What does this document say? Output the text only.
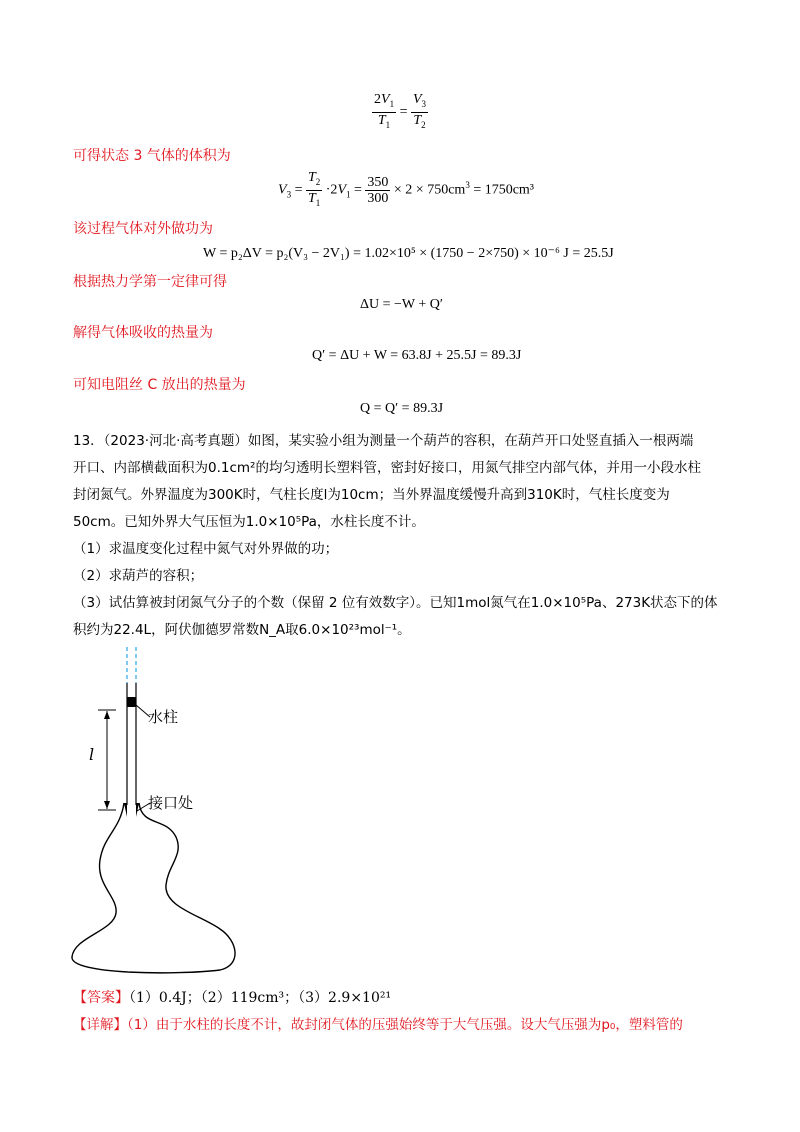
$\frac{2V_1}{T_1} = \frac{V_3}{T_2}$
可得状态 3 气体的体积为
$V_3 = \frac{T_2}{T_1} \cdot 2V_1 = \frac{350}{300} \times 2 \times 750cm^3 = 1750cm^3$
该过程气体对外做功为
W = p₂ΔV = p₂(V₃ − 2V₁) = 1.02×10⁵ × (1750 − 2×750) × 10⁻⁶ J = 25.5J
根据热力学第一定律可得
ΔU = −W + Q′
解得气体吸收的热量为
Q′ = ΔU + W = 63.8J + 25.5J = 89.3J
可知电阻丝 C 放出的热量为
Q = Q′ = 89.3J
13．（2023·河北·高考真题）如图，某实验小组为测量一个葫芦的容积，在葫芦开口处竖直插入一根两端
开口、内部横截面积为0.1cm²的均匀透明长塑料管，密封好接口，用氮气排空内部气体，并用一小段水柱
封闭氮气。外界温度为300K时，气柱长度l为10cm；当外界温度缓慢升高到310K时，气柱长度变为
50cm。已知外界大气压恒为1.0×10⁵Pa，水柱长度不计。
（1）求温度变化过程中氮气对外界做的功；
（2）求葫芦的容积；
（3）试估算被封闭氮气分子的个数（保留 2 位有效数字）。已知1mol氮气在1.0×10⁵Pa、273K状态下的体
积约为22.4L，阿伏伽德罗常数N_A取6.0×10²³mol⁻¹。
l
水柱
接口处
【答案】（1）0.4J；（2）119cm³；（3）2.9×10²¹
【详解】（1）由于水柱的长度不计，故封闭气体的压强始终等于大气压强。设大气压强为p₀，塑料管的
